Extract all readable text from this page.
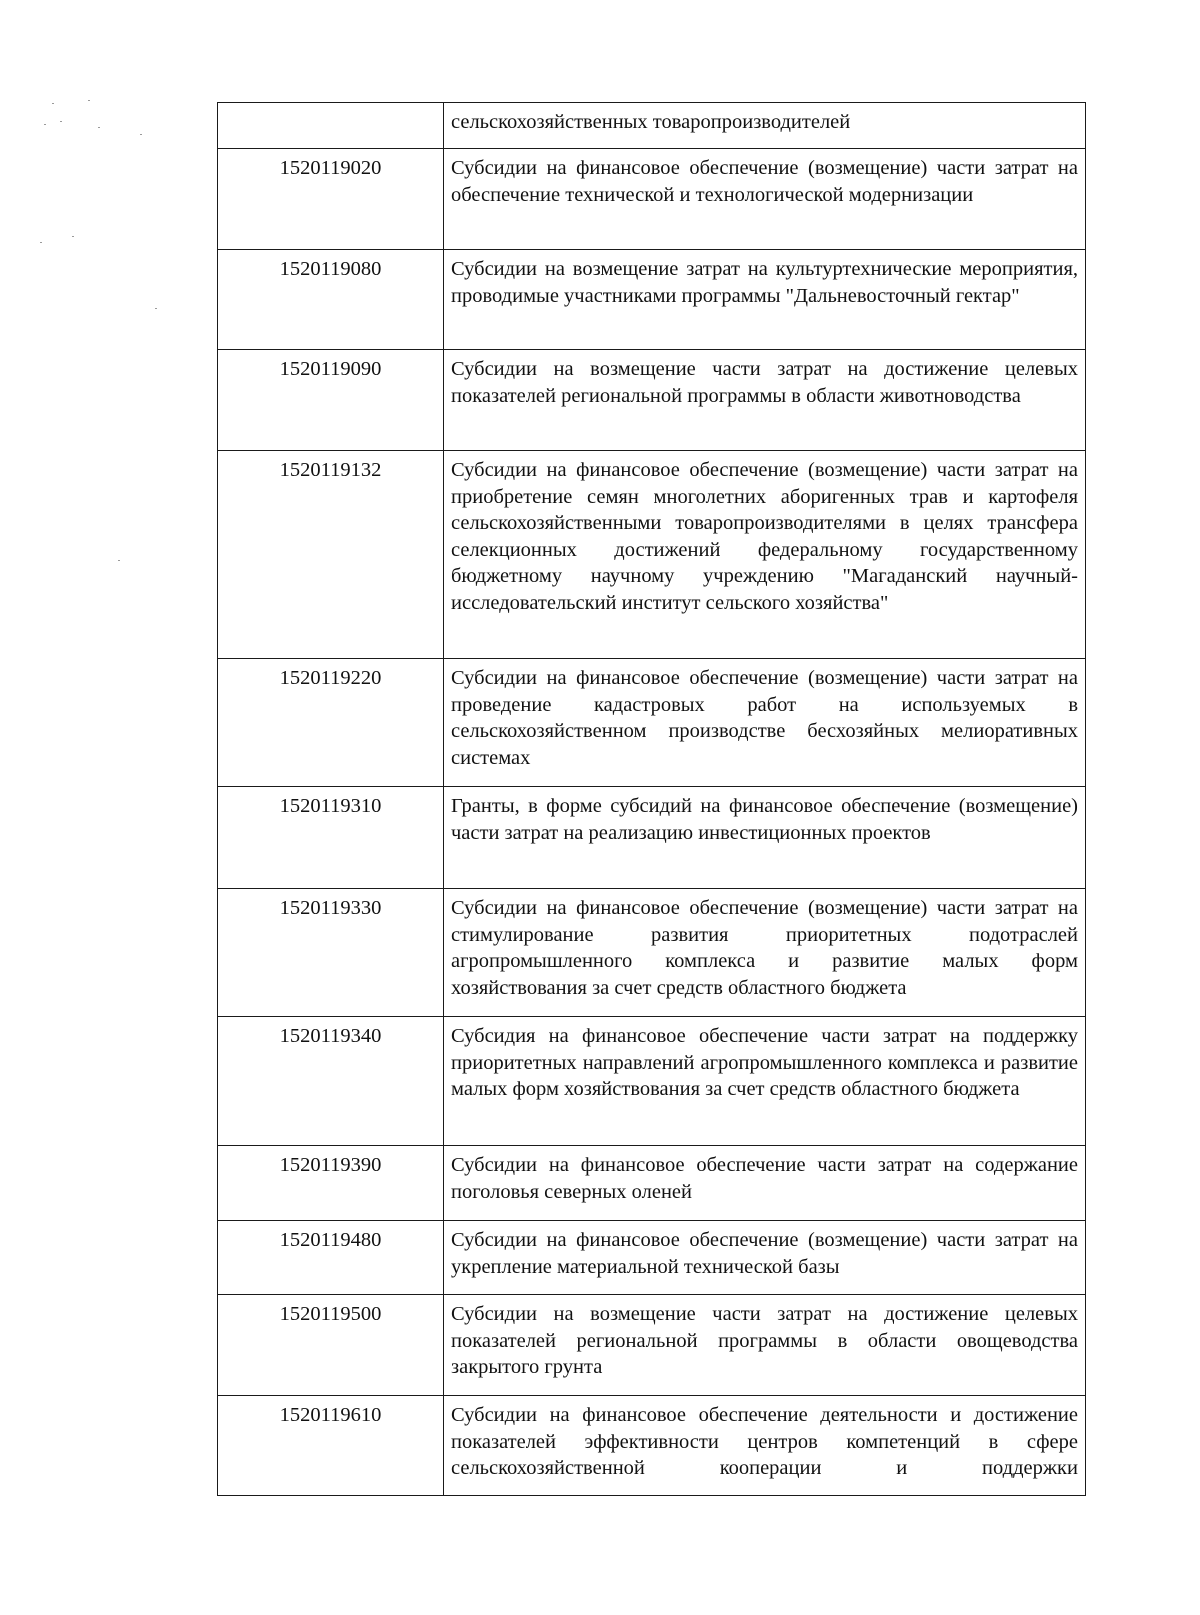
	сельскохозяйственных товаропроизводителей
1520119020	Субсидии на финансовое обеспечение (возмещение) части затрат на обеспечение технической и технологической модернизации
1520119080	Субсидии на возмещение затрат на культуртехнические мероприятия, проводимые участниками программы "Дальневосточный гектар"
1520119090	Субсидии на возмещение части затрат на достижение целевых показателей региональной программы в области животноводства
1520119132	Субсидии на финансовое обеспечение (возмещение) части затрат на приобретение семян многолетних аборигенных трав и картофеля сельскохозяйственными товаропроизводителями в целях трансфера селекционных достижений федеральному государственному бюджетному научному учреждению "Магаданский научный-исследовательский институт сельского хозяйства"
1520119220	Субсидии на финансовое обеспечение (возмещение) части затрат на проведение кадастровых работ на используемых в сельскохозяйственном производстве бесхозяйных мелиоративных системах
1520119310	Гранты, в форме субсидий на финансовое обеспечение (возмещение) части затрат на реализацию инвестиционных проектов
1520119330	Субсидии на финансовое обеспечение (возмещение) части затрат на стимулирование развития приоритетных подотраслей агропромышленного комплекса и развитие малых форм хозяйствования за счет средств областного бюджета
1520119340	Субсидия на финансовое обеспечение части затрат на поддержку приоритетных направлений агропромышленного комплекса и развитие малых форм хозяйствования за счет средств областного бюджета
1520119390	Субсидии на финансовое обеспечение части затрат на содержание поголовья северных оленей
1520119480	Субсидии на финансовое обеспечение (возмещение) части затрат на укрепление материальной технической базы
1520119500	Субсидии на возмещение части затрат на достижение целевых показателей региональной программы в области овощеводства закрытого грунта
1520119610	Субсидии на финансовое обеспечение деятельности и достижение показателей эффективности центров компетенций в сфере сельскохозяйственной кооперации и поддержки
